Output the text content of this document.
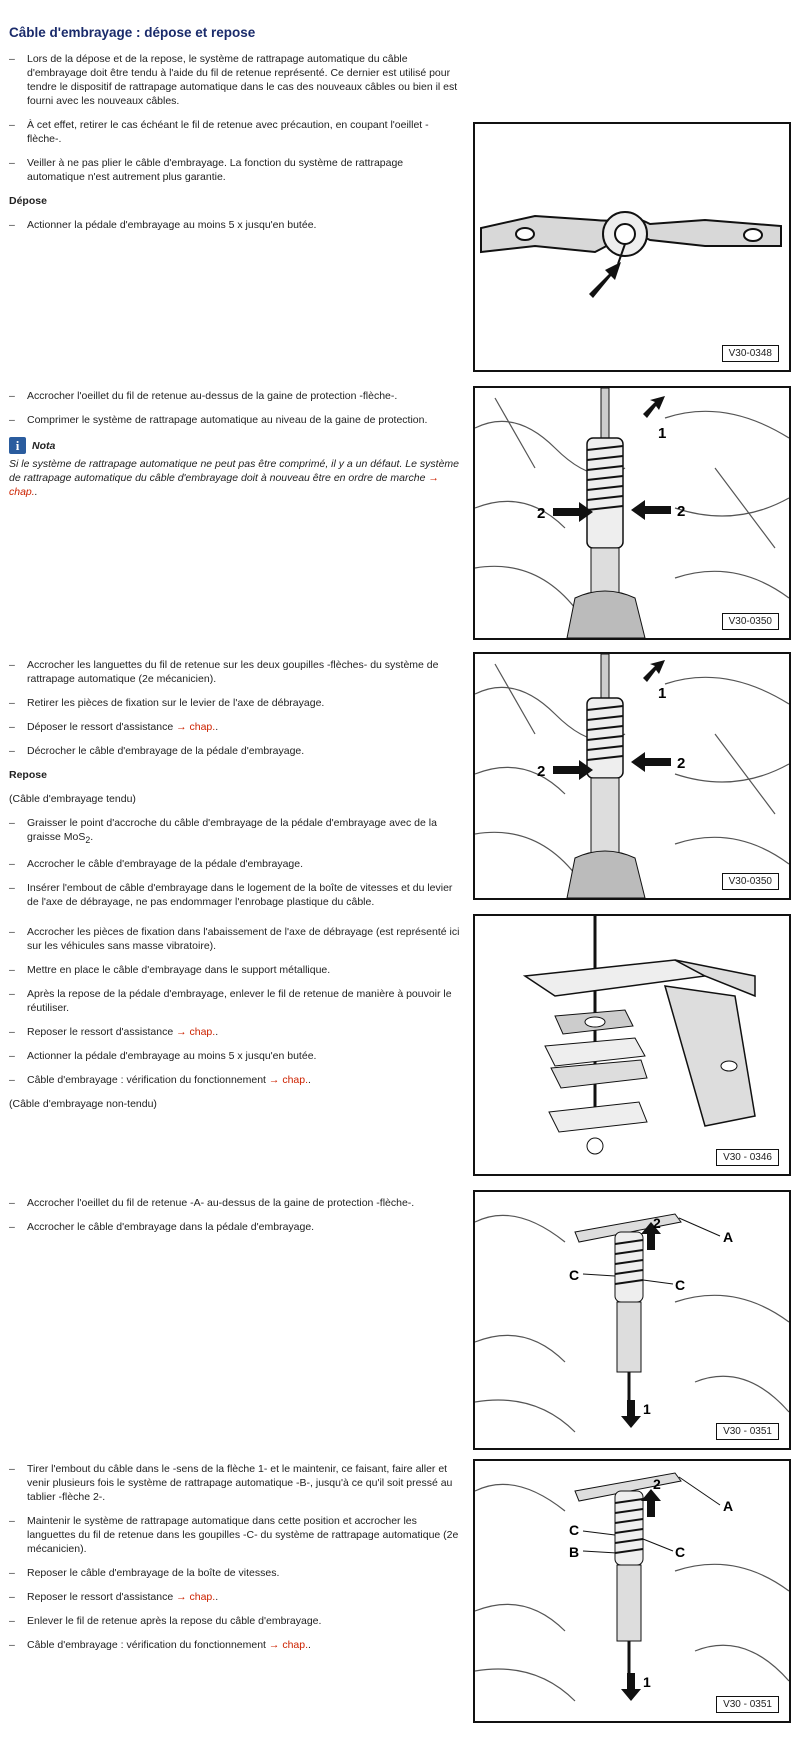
Câble d'embrayage : dépose et repose
– Lors de la dépose et de la repose, le système de rattrapage automatique du câble d'embrayage doit être tendu à l'aide du fil de retenue représenté. Ce dernier est utilisé pour tendre le dispositif de rattrapage automatique dans le cas des nouveaux câbles ou bien il est fourni avec les nouveaux câbles.
– À cet effet, retirer le cas échéant le fil de retenue avec précaution, en coupant l'oeillet -flèche-.
– Veiller à ne pas plier le câble d'embrayage. La fonction du système de rattrapage automatique n'est autrement plus garantie.
Dépose
– Actionner la pédale d'embrayage au moins 5 x jusqu'en butée.
– Accrocher l'oeillet du fil de retenue au-dessus de la gaine de protection -flèche-.
– Comprimer le système de rattrapage automatique au niveau de la gaine de protection.
i	Nota
Si le système de rattrapage automatique ne peut pas être comprimé, il y a un défaut. Le système de rattrapage automatique du câble d'embrayage doit à nouveau être en ordre de marche → chap..
– Accrocher les languettes du fil de retenue sur les deux goupilles -flèches- du système de rattrapage automatique (2e mécanicien).
– Retirer les pièces de fixation sur le levier de l'axe de débrayage.
– Déposer le ressort d'assistance → chap..
– Décrocher le câble d'embrayage de la pédale d'embrayage.
Repose
(Câble d'embrayage tendu)
– Graisser le point d'accroche du câble d'embrayage de la pédale d'embrayage avec de la graisse MoS$_2$.
– Accrocher le câble d'embrayage de la pédale d'embrayage.
– Insérer l'embout de câble d'embrayage dans le logement de la boîte de vitesses et du levier de l'axe de débrayage, ne pas endommager l'enrobage plastique du câble.
– Accrocher les pièces de fixation dans l'abaissement de l'axe de débrayage (est représenté ici sur les véhicules sans masse vibratoire).
– Mettre en place le câble d'embrayage dans le support métallique.
– Après la repose de la pédale d'embrayage, enlever le fil de retenue de manière à pouvoir le réutiliser.
– Reposer le ressort d'assistance → chap..
– Actionner la pédale d'embrayage au moins 5 x jusqu'en butée.
– Câble d'embrayage : vérification du fonctionnement → chap..
(Câble d'embrayage non-tendu)
– Accrocher l'oeillet du fil de retenue -A- au-dessus de la gaine de protection -flèche-.
– Accrocher le câble d'embrayage dans la pédale d'embrayage.
– Tirer l'embout du câble dans le -sens de la flèche 1- et le maintenir, ce faisant, faire aller et venir plusieurs fois le système de rattrapage automatique -B-, jusqu'à ce qu'il soit pressé au tablier -flèche 2-.
– Maintenir le système de rattrapage automatique dans cette position et accrocher les languettes du fil de retenue dans les goupilles -C- du système de rattrapage automatique (2e mécanicien).
– Reposer le câble d'embrayage de la boîte de vitesses.
– Reposer le ressort d'assistance → chap..
– Enlever le fil de retenue après la repose du câble d'embrayage.
– Câble d'embrayage : vérification du fonctionnement → chap..
V30-0348
1
2	2
V30-0350
1
2	2
V30-0350
V30 - 0346
2
A
C
C
1
V30 - 0351
2
A
C
B	C
1
V30 - 0351
